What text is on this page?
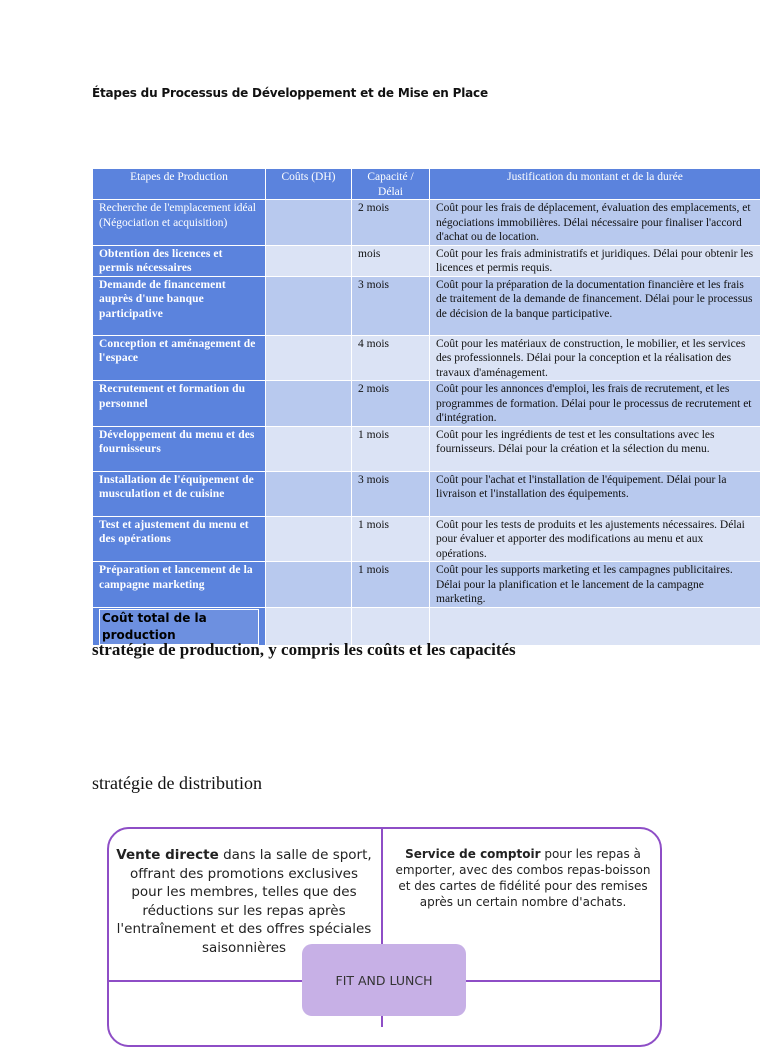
Étapes du Processus de Développement et de Mise en Place
Etapes de Production	Coûts (DH)	Capacité / Délai	Justification du montant et de la durée
Recherche de l'emplacement idéal (Négociation et acquisition)		2 mois	Coût pour les frais de déplacement, évaluation des emplacements, et négociations immobilières. Délai nécessaire pour finaliser l'accord d'achat ou de location.
Obtention des licences et permis nécessaires		mois	Coût pour les frais administratifs et juridiques. Délai pour obtenir les licences et permis requis.
Demande de financement auprès d'une banque participative		3 mois	Coût pour la préparation de la documentation financière et les frais de traitement de la demande de financement. Délai pour le processus de décision de la banque participative.
Conception et aménagement de l'espace		4 mois	Coût pour les matériaux de construction, le mobilier, et les services des professionnels. Délai pour la conception et la réalisation des travaux d'aménagement.
Recrutement et formation du personnel		2 mois	Coût pour les annonces d'emploi, les frais de recrutement, et les programmes de formation. Délai pour le processus de recrutement et d'intégration.
Développement du menu et des fournisseurs		1 mois	Coût pour les ingrédients de test et les consultations avec les fournisseurs. Délai pour la création et la sélection du menu.
Installation de l'équipement de musculation et de cuisine		3 mois	Coût pour l'achat et l'installation de l'équipement. Délai pour la livraison et l'installation des équipements.
Test et ajustement du menu et des opérations		1 mois	Coût pour les tests de produits et les ajustements nécessaires. Délai pour évaluer et apporter des modifications au menu et aux opérations.
Préparation et lancement de la campagne marketing		1 mois	Coût pour les supports marketing et les campagnes publicitaires. Délai pour la planification et le lancement de la campagne marketing.
Coût total de la production			
stratégie de production, y compris les coûts et les capacités
stratégie de distribution
Vente directe dans la salle de sport, offrant des promotions exclusives pour les membres, telles que des réductions sur les repas après l'entraînement et des offres spéciales saisonnières
Service de comptoir pour les repas à emporter, avec des combos repas-boisson et des cartes de fidélité pour des remises après un certain nombre d'achats.
FIT AND LUNCH
